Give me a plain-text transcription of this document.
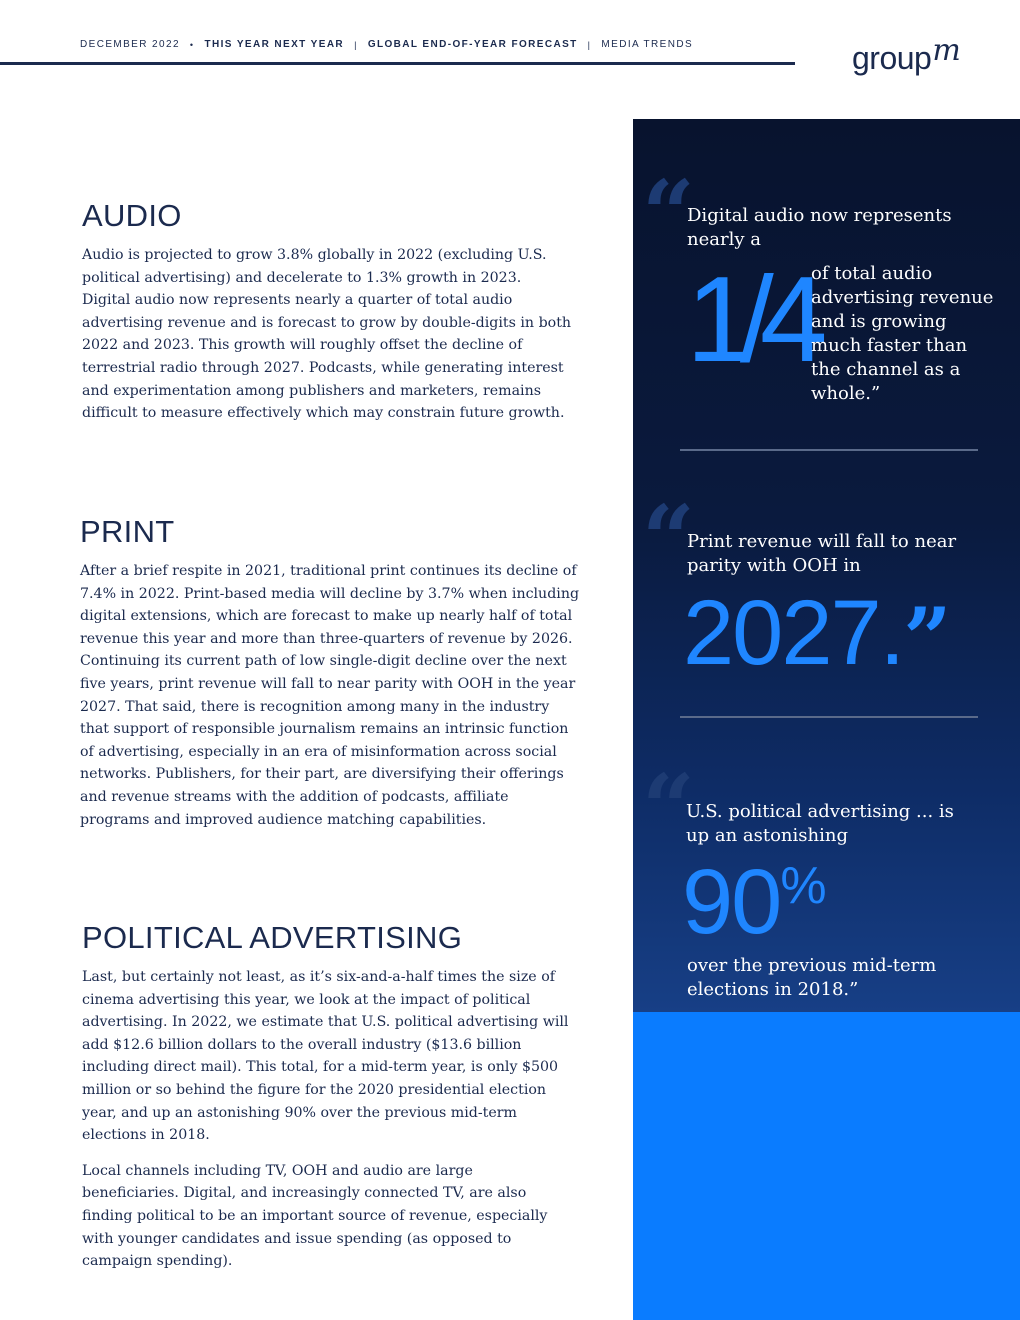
DECEMBER 2022 • THIS YEAR NEXT YEAR | GLOBAL END-OF-YEAR FORECAST | MEDIA TRENDS	groupm
AUDIO

Audio is projected to grow 3.8% globally in 2022 (excluding U.S. political advertising) and decelerate to 1.3% growth in 2023. Digital audio now represents nearly a quarter of total audio advertising revenue and is forecast to grow by double-digits in both 2022 and 2023. This growth will roughly offset the decline of terrestrial radio through 2027. Podcasts, while generating interest and experimentation among publishers and marketers, remains difficult to measure effectively which may constrain future growth.

PRINT

After a brief respite in 2021, traditional print continues its decline of 7.4% in 2022. Print-based media will decline by 3.7% when including digital extensions, which are forecast to make up nearly half of total revenue this year and more than three-quarters of revenue by 2026. Continuing its current path of low single-digit decline over the next five years, print revenue will fall to near parity with OOH in the year 2027. That said, there is recognition among many in the industry that support of responsible journalism remains an intrinsic function of advertising, especially in an era of misinformation across social networks. Publishers, for their part, are diversifying their offerings and revenue streams with the addition of podcasts, affiliate programs and improved audience matching capabilities.

POLITICAL ADVERTISING

Last, but certainly not least, as it’s six-and-a-half times the size of cinema advertising this year, we look at the impact of political advertising. In 2022, we estimate that U.S. political advertising will add $12.6 billion dollars to the overall industry ($13.6 billion including direct mail). This total, for a mid-term year, is only $500 million or so behind the figure for the 2020 presidential election year, and up an astonishing 90% over the previous mid-term elections in 2018.

Local channels including TV, OOH and audio are large beneficiaries. Digital, and increasingly connected TV, are also finding political to be an important source of revenue, especially with younger candidates and issue spending (as opposed to campaign spending).

“
Digital audio now represents nearly a
1/4
of total audio advertising revenue and is growing much faster than the channel as a whole.”
“
Print revenue will fall to near parity with OOH in
2027.”
“
U.S. political advertising ... is up an astonishing
90%
over the previous mid-term elections in 2018.”
